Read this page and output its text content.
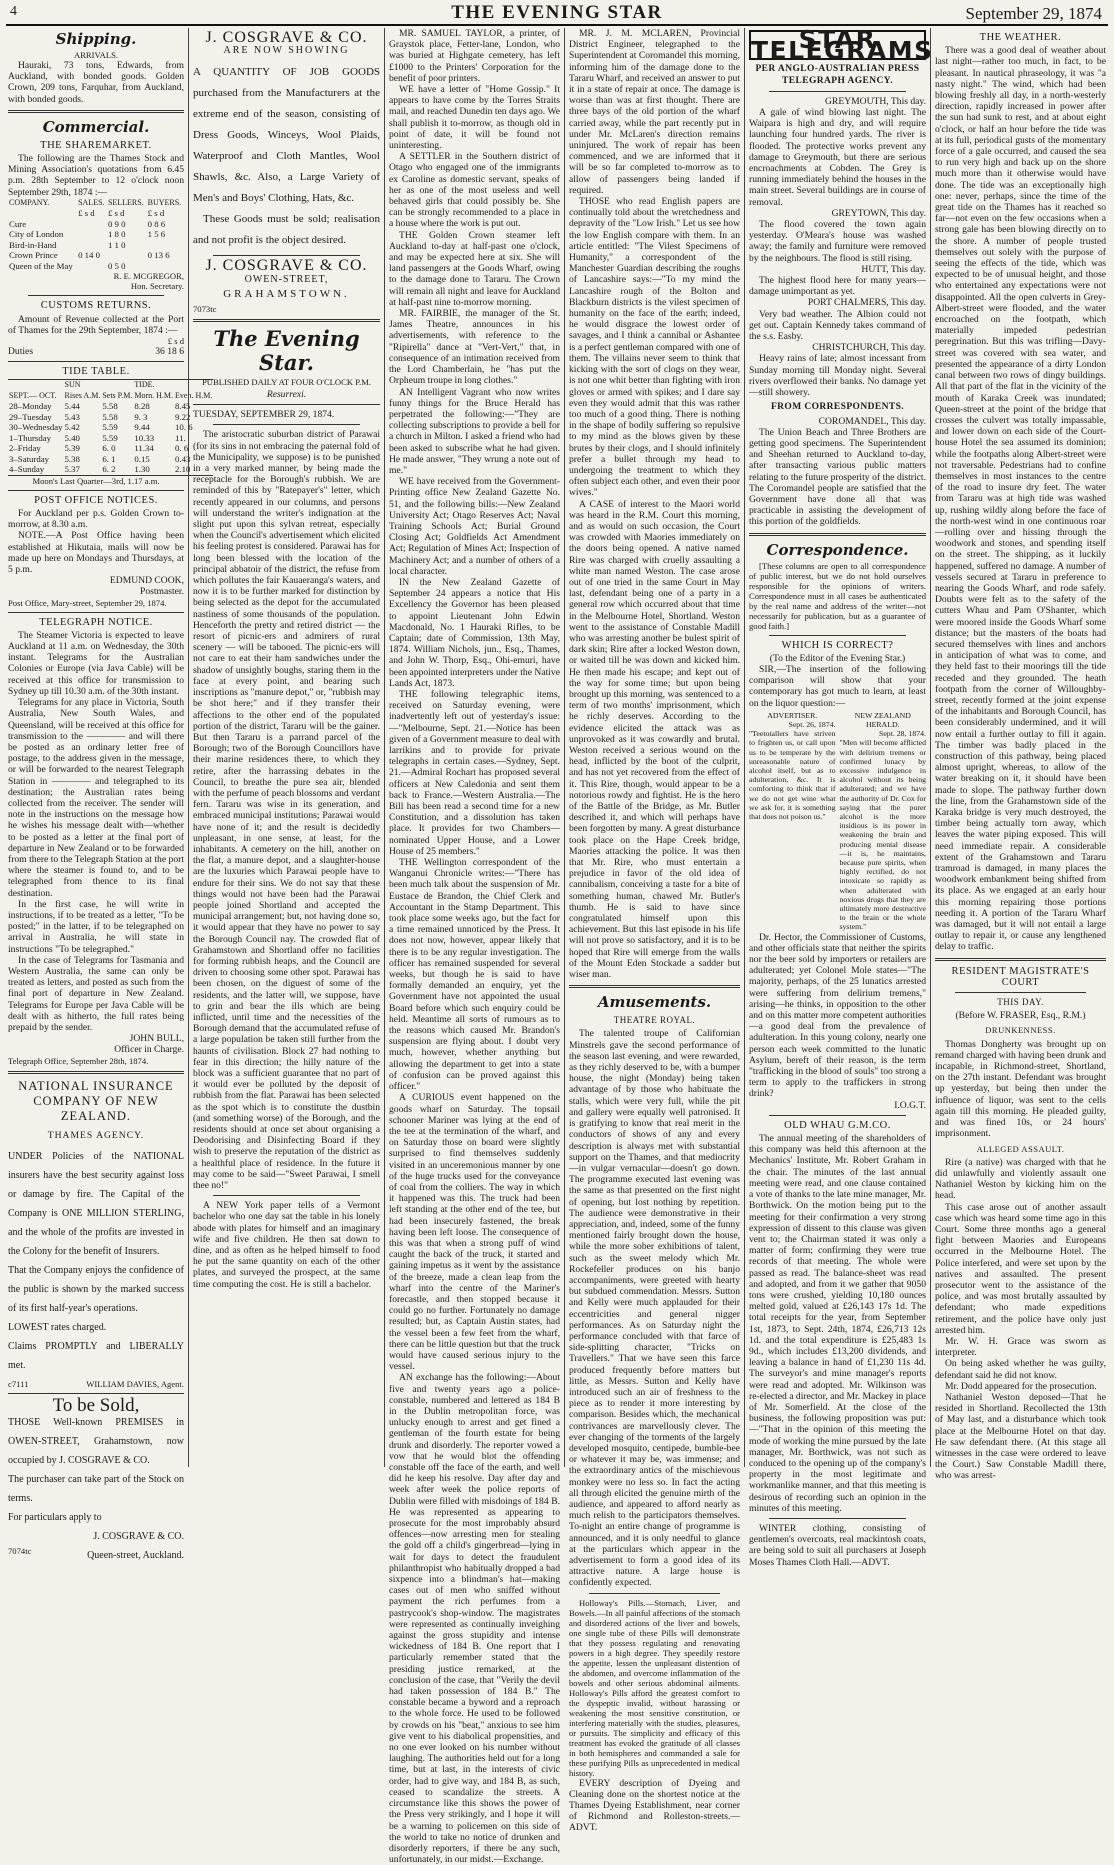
4	THE EVENING STAR	September 29, 1874
Shipping.
ARRIVALS.

Hauraki, 73 tons, Edwards, from Auckland, with bonded goods. Golden Crown, 209 tons, Farquhar, from Auckland, with bonded goods.

Commercial.
THE SHAREMARKET.

The following are the Thames Stock and Mining Association's quotations from 6.45 p.m. 28th September to 12 o'clock noon September 29th, 1874 :—

COMPANY.	SALES.	SELLERS.	BUYERS.
	£ s d	£ s d	£ s d
Cure		0 9 0	0 8 6
City of London		1 8 0	1 5 6
Bird-in-Hand		1 1 0	
Crown Prince	0 14 0		0 13 6
Queen of the May		0 5 0	
R. E. MCGREGOR,
Hon. Secretary.
CUSTOMS RETURNS.

Amount of Revenue collected at the Port of Thames for the 29th September, 1874 :—

£ s d
Duties	36 18 6
TIDE TABLE.
	SUN		TIDE.	
SEPT.— OCT.	Rises A.M.	Sets P.M.	Morn. H.M.	Even. H.M.
28–Monday	5.44	5.58	8.28	8.45
29–Tuesday	5.43	5.58	9. 3	9.22
30–Wednesday	5.42	5.59	9.44	10. 6
1–Thursday	5.40	5.59	10.33	11.
2–Friday	5.39	6. 0	11.34	0. 6
3–Saturday	5.38	6. 1	0.15	0.43
4–Sunday	5.37	6. 2	1.30	2.10
Moon's Last Quarter—3rd, 1.17 a.m.
POST OFFICE NOTICES.

For Auckland per p.s. Golden Crown to-morrow, at 8.30 a.m.

NOTE.—A Post Office having been established at Hikutaia, mails will now be made up here on Mondays and Thursdays, at 5 p.m.

EDMUND COOK,
Postmaster.
Post Office, Mary-street, September 29, 1874.
TELEGRAPH NOTICE.

The Steamer Victoria is expected to leave Auckland at 11 a.m. on Wednesday, the 30th instant. Telegrams for the Australian Colonies or Europe (via Java Cable) will be received at this office for transmission to Sydney up till 10.30 a.m. of the 30th instant.

Telegrams for any place in Victoria, South Australia, New South Wales, and Queensland, will be received at this office for transmission to the ———— and will there be posted as an ordinary letter free of postage, to the address given in the message, or will be forwarded to the nearest Telegraph Station in ———— and telegraphed to its destination; the Australian rates being collected from the receiver. The sender will note in the instructions on the message how he wishes his message dealt with—whether to be posted as a letter at the final port of departure in New Zealand or to be forwarded from there to the Telegraph Station at the port where the steamer is found to, and to be telegraphed from thence to its final destination.

In the first case, he will write in instructions, if to be treated as a letter, "To be posted;" in the latter, if to be telegraphed on arrival in Australia, he will state in instructions "To be telegraphed."

In the case of Telegrams for Tasmania and Western Australia, the same can only be treated as letters, and posted as such from the final port of departure in New Zealand. Telegrams for Europe per Java Cable will be dealt with as hitherto, the full rates being prepaid by the sender.

JOHN BULL,
Officer in Charge.
Telegraph Office, September 28th, 1874.
NATIONAL INSURANCE COMPANY OF NEW ZEALAND.
THAMES AGENCY.

UNDER Policies of the NATIONAL insurers have the best security against loss or damage by fire. The Capital of the Company is ONE MILLION STERLING, and the whole of the profits are invested in the Colony for the benefit of Insurers.

That the Company enjoys the confidence of the public is shown by the marked success of its first half-year's operations.

LOWEST rates charged.

Claims PROMPTLY and LIBERALLY met.

c7111	WILLIAM DAVIES, Agent.
To be Sold,

THOSE Well-known PREMISES in OWEN-STREET, Grahamstown, now occupied by J. COSGRAVE & CO.

The purchaser can take part of the Stock on terms.

For particulars apply to

J. COSGRAVE & CO.
7074tc	Queen-street, Auckland.
J. COSGRAVE & CO.
ARE NOW SHOWING

A QUANTITY OF JOB GOODS purchased from the Manufacturers at the extreme end of the season, consisting of Dress Goods, Winceys, Wool Plaids, Waterproof and Cloth Mantles, Wool Shawls, &c. Also, a Large Variety of Men's and Boys' Clothing, Hats, &c.

These Goods must be sold; realisation and not profit is the object desired.

J. COSGRAVE & CO.
OWEN-STREET,
GRAHAMSTOWN.
7073tc
The Evening Star.
PUBLISHED DAILY AT FOUR O'CLOCK P.M.
Resurrexi.
TUESDAY, SEPTEMBER 29, 1874.

The aristocratic suburban district of Parawai (for its sins in not embracing the paternal fold of the Municipality, we suppose) is to be punished in a very marked manner, by being made the receptacle for the Borough's rubbish. We are reminded of this by "Ratepayer's" letter, which recently appeared in our columns, and persons will understand the writer's indignation at the slight put upon this sylvan retreat, especially when the Council's advertisement which elicited his feeling protest is considered. Parawai has for long been blessed with the location of the principal abbatoir of the district, the refuse from which pollutes the fair Kauaeranga's waters, and now it is to be further marked for distinction by being selected as the depot for the accumulated nastiness of some thousands of the population. Henceforth the pretty and retired district — the resort of picnic-ers and admirers of rural scenery — will be tabooed. The picnic-ers will not care to eat their ham sandwiches under the shadow of unsightly boughs, staring them in the face at every point, and bearing such inscriptions as "manure depot," or, "rubbish may be shot here;" and if they transfer their affections to the other end of the populated portion of the district, Tararu will be the gainer. But then Tararu is a parrand parcel of the Borough; two of the Borough Councillors have their marine residences there, to which they retire, after the harrassing debates in the Council, to breathe the pure sea air, blended with the perfume of peach blossoms and verdant fern. Tararu was wise in its generation, and embraced municipal institutions; Parawai would have none of it; and the result is decidedly unpleasant, in one sense, at least, for the inhabitants. A cemetery on the hill, another on the flat, a manure depot, and a slaughter-house are the luxuries which Parawai people have to endure for their sins. We do not say that these things would not have been had the Parawai people joined Shortland and accepted the municipal arrangement; but, not having done so, it would appear that they have no power to say the Borough Council nay. The crowded flat of Grahamstown and Shortland offer no facilities for forming rubbish heaps, and the Council are driven to choosing some other spot. Parawai has been chosen, on the diguest of some of the residents, and the latter will, we suppose, have to grin and bear the ills which are being inflicted, until time and the necessities of the Borough demand that the accumulated refuse of a large population be taken still further from the haunts of civilisation. Block 27 had nothing to fear in this direction; the hilly nature of the block was a sufficient guarantee that no part of it would ever be polluted by the deposit of rubbish from the flat. Parawai has been selected as the spot which is to constitute the dustbin (and something worse) of the Borough, and the residents should at once set about organising a Deodorising and Disinfecting Board if they wish to preserve the reputation of the district as a healthful place of residence. In the future it may come to be said—"Sweet Parawai, I smell thee no!"

A NEW York paper tells of a Vermont bachelor who one day sat the table in his lonely abode with plates for himself and an imaginary wife and five children. He then sat down to dine, and as often as he helped himself to food he put the same quantity on each of the other plates, and surveyed the prospect, at the same time computing the cost. He is still a bachelor.

MR. SAMUEL TAYLOR, a printer, of Graystok place, Fetter-lane, London, who was buried at Highgate cemetery, has left £1000 to the Printers' Corporation for the benefit of poor printers.

WE have a letter of "Home Gossip." It appears to have come by the Torres Straits mail, and reached Dunedin ten days ago. We shall publish it to-morrow, as though old in point of date, it will be found not uninteresting.

A SETTLER in the Southern district of Otago who engaged one of the immigrants ex Caroline as domestic servant, speaks of her as one of the most useless and well behaved girls that could possibly be. She can be strongly recommended to a place in a house where the work is put out.

THE Golden Crown steamer left Auckland to-day at half-past one o'clock, and may be expected here at six. She will land passengers at the Goods Wharf, owing to the damage done to Tararu. The Crown will remain all night and leave for Auckland at half-past nine to-morrow morning.

MR. FAIRBIE, the manager of the St. James Theatre, announces in his advertisements, with reference to the "Ripirella" dance at "Vert-Vert," that, in consequence of an intimation received from the Lord Chamberlain, he "has put the Orpheum troupe in long clothes."

AN Intelligent Vagrant who now writes funny things for the Bruce Herald has perpetrated the following:—"They are collecting subscriptions to provide a bell for a church in Milton. I asked a friend who had been asked to subscribe what he had given. He made answer, "They wrung a note out of me."

WE have received from the Government-Printing office New Zealand Gazette No. 51, and the following bills:—New Zealand University Act; Otago Reserves Act; Naval Training Schools Act; Burial Ground Closing Act; Goldfields Act Amendment Act; Regulation of Mines Act; Inspection of Machinery Act; and a number of others of a local character.

IN the New Zealand Gazette of September 24 appears a notice that His Excellency the Governor has been pleased to appoint Lieutenant John Edwin Macdonald, No. 1 Hauraki Rifles, to be Captain; date of Commission, 13th May, 1874. William Nichols, jun., Esq., Thames, and John W. Thorp, Esq., Ohi-emuri, have been appointed interpreters under the Native Lands Act, 1873.

THE following telegraphic items, received on Saturday evening, were inadvertently left out of yesterday's issue:—"Melbourne, Sept. 21.—Notice has been given of a Government measure to deal with larrikins and to provide for private telegraphs in certain cases.—Sydney, Sept. 21.—Admiral Rochart has proposed several officers at New Caledonia and sent them back to France.—Western Australia.—The Bill has been read a second time for a new Constitution, and a dissolution has taken place. It provides for two Chambers—nominated Upper House, and a Lower House of 25 members."

THE Wellington correspondent of the Wanganui Chronicle writes:—"There has been much talk about the suspension of Mr. Eustace de Brandon, the Chief Clerk and Accountant in the Stamp Department. This took place some weeks ago, but the fact for a time remained unnoticed by the Press. It does not now, however, appear likely that there is to be any regular investigation. The officer has remained suspended for several weeks, but though he is said to have formally demanded an enquiry, yet the Government have not appointed the usual Board before which such enquiry could be held. Meantime all sorts of rumours as to the reasons which caused Mr. Brandon's suspension are flying about. I doubt very much, however, whether anything but allowing the department to get into a state of confusion can be proved against this officer."

A CURIOUS event happened on the goods wharf on Saturday. The topsail schooner Mariner was lying at the end of the tee at the termination of the wharf, and on Saturday those on board were slightly surprised to find themselves suddenly visited in an unceremonious manner by one of the huge trucks used for the conveyance of coal from the colliers. The way in which it happened was this. The truck had been left standing at the other end of the tee, but had been insecurely fastened, the break having been left loose. The consequence of this was that when a strong puff of wind caught the back of the truck, it started and gaining impetus as it went by the assistance of the breeze, made a clean leap from the wharf into the centre of the Mariner's forecastle, and then stopped because it could go no further. Fortunately no damage resulted; but, as Captain Austin states, had the vessel been a few feet from the wharf, there can be little question but that the truck would have caused serious injury to the vessel.

AN exchange has the following:—About five and twenty years ago a police-constable, numbered and lettered as 184 B in the Dublin metropolitan force, was unlucky enough to arrest and get fined a gentleman of the fourth estate for being drunk and disorderly. The reporter vowed a vow that he would blot the offending constable off the face of the earth, and well did he keep his resolve. Day after day and week after week the police reports of Dublin were filled with misdoings of 184 B. He was represented as appearing to prosecute for the most improbably absurd offences—now arresting men for stealing the gold off a child's gingerbread—lying in wait for days to detect the fraudulent philanthropist who habitually dropped a bad sixpence into a blindman's hat—making cases out of men who sniffed without payment the rich perfumes from a pastrycook's shop-window. The magistrates were represented as continually inveighing against the gross stupidity and intense wickedness of 184 B. One report that I particularly remember stated that the presiding justice remarked, at the conclusion of the case, that "Verily the devil had taken possession of 184 B." The constable became a byword and a reproach to the whole force. He used to be followed by crowds on his "beat," anxious to see him give vent to his diabolical propensities, and no one ever looked on his number without laughing. The authorities held out for a long time, but at last, in the interests of civic order, had to give way, and 184 B, as such, ceased to scandalize the streets. A circumstance like this shows the power of the Press very strikingly, and I hope it will be a warning to policemen on this side of the world to take no notice of drunken and disorderly reporters, if there be any such, unfortunately, in our midst.—Exchange.

MR. J. M. MCLAREN, Provincial District Engineer, telegraphed to the Superintendent at Coromandel this morning, informing him of the damage done to the Tararu Wharf, and received an answer to put it in a state of repair at once. The damage is worse than was at first thought. There are three bays of the old portion of the wharf carried away, while the part recently put in under Mr. McLaren's direction remains uninjured. The work of repair has been commenced, and we are informed that it will be so far completed to-morrow as to allow of passengers being landed if required.

THOSE who read English papers are continually told about the wretchedness and depravity of the "Low Irish." Let us see how the low English compare with them. In an article entitled: "The Vilest Specimens of Humanity," a correspondent of the Manchester Guardian describing the roughs of Lancashire says:—"To my mind the Lancashire rough of the Bolton and Blackburn districts is the vilest specimen of humanity on the face of the earth; indeed, he would disgrace the lowest order of savages, and I think a cannibal or Ashantee is a perfect gentleman compared with one of them. The villains never seem to think that kicking with the sort of clogs on they wear, is not one whit better than fighting with iron gloves or armed with spikes; and I dare say even they would admit that this was rather too much of a good thing. There is nothing in the shape of bodily suffering so repulsive to my mind as the blows given by these brutes by their clogs, and I should infinitely prefer a bullet through my head to undergoing the treatment to which they often subject each other, and even their poor wives."

A CASE of interest to the Maori world was heard in the R.M. Court this morning, and as would on such occasion, the Court was crowded with Maories immediately on the doors being opened. A native named Rire was charged with cruelly assaulting a white man named Weston. The case arose out of one tried in the same Court in May last, defendant being one of a party in a general row which occurred about that time in the Melbourne Hotel, Shortland. Weston went to the assistance of Constable Madill who was arresting another be bulest spirit of dark skin; Rire after a locked Weston down, or waited till he was down and kicked him. He then made his escape; and kept out of the way for some time; but upon being brought up this morning, was sentenced to a term of two months' imprisonment, which he richly deserves. According to the evidence elicited the attack was as unprovoked as it was cowardly and brutal. Weston received a serious wound on the head, inflicted by the boot of the culprit, and has not yet recovered from the effect of it. This Rire, though, would appear to be a notorious rowdy and fightist. He is the hero of the Battle of the Bridge, as Mr. Butler described it, and which will perhaps have been forgotten by many. A great disturbance took place on the Hape Creek bridge, Maories attacking the police. It was then that Mr. Rire, who must entertain a prejudice in favor of the old idea of cannibalism, conceiving a taste for a bite of something human, chawed Mr. Butler's thumb. He is said to have since congratulated himself upon this achievement. But this last episode in his life will not prove so satisfactory, and it is to be hoped that Rire will emerge from the walls of the Mount Eden Stockade a sadder but wiser man.

Amusements.
THEATRE ROYAL.

The talented troupe of Californian Minstrels gave the second performance of the season last evening, and were rewarded, as they richly deserved to be, with a bumper house, the night (Monday) being taken advantage of by those who habituate the stalls, which were very full, while the pit and gallery were equally well patronised. It is gratifying to know that real merit in the conductors of shows of any and every description is always met with substantial support on the Thames, and that mediocrity—in vulgar vernacular—doesn't go down. The programme executed last evening was the same as that presented on the first night of opening, but lost nothing by repetition. The audience were demonstrative in their appreciation, and, indeed, some of the funny mentioned fairly brought down the house, while the more sober exhibitions of talent, such as the sweet melody which Mr. Rockefeller produces on his banjo accompaniments, were greeted with hearty but subdued commendation. Messrs. Sutton and Kelly were much applauded for their eccentricities and general nigger performances. As on Saturday night the performance concluded with that farce of side-splitting character, "Tricks on Travellers." That we have seen this farce produced frequently before matters but little, as Messrs. Sutton and Kelly have introduced such an air of freshness to the piece as to render it more interesting by comparison. Besides which, the mechanical contrivances are marvellously clever. The ever changing of the torments of the largely developed mosquito, centipede, bumble-bee or whatever it may be, was immense; and the extraordinary antics of the mischievous monkey were no less so. In fact the acting all through elicited the genuine mirth of the audience, and appeared to afford nearly as much relish to the participators themselves. To-night an entire change of programme is announced, and it is only needful to glance at the particulars which appear in the advertisement to form a good idea of its attractive nature. A large house is confidently expected.

Holloway's Pills.—Stomach, Liver, and Bowels.—In all painful affections of the stomach and disordered actions of the liver and bowels, one single tube of these Pills will demonstrate that they possess regulating and renovating powers in a high degree. They speedily restore the appetite, lessen the unpleasant distention of the abdomen, and overcome inflammation of the bowels and other serious abdominal ailments. Holloway's Pills afford the greatest comfort to the dyspeptic invalid, without harassing or weakening the most sensitive constitution, or interfering materially with the studies, pleasures, or pursuits. The simplicity and efficacy of this treatment has evoked the gratitude of all classes in both hemispheres and commanded a sale for these purifying Pills as unprecedented in medical history.

EVERY description of Dyeing and Cleaning done on the shortest notice at the Thames Dyeing Establishment, near corner of Richmond and Rolleston-streets.—ADVT.

STAR TELEGRAMS
PER ANGLO-AUSTRALIAN PRESS TELEGRAPH AGENCY.
GREYMOUTH, This day.

A gale of wind blowing last night. The Waipara is high and dry, and will require launching four hundred yards. The river is flooded. The protective works prevent any damage to Greymouth, but there are serious encroachments at Cobden. The Grey is running immediately behind the houses in the main street. Several buildings are in course of removal.

GREYTOWN, This day.

The flood covered the town again yesterday. O'Meara's house was washed away; the family and furniture were removed by the neighbours. The flood is still rising.

HUTT, This day.

The highest flood here for many years—damage unimportant as yet.

PORT CHALMERS, This day.

Very bad weather. The Albion could not get out. Captain Kennedy takes command of the s.s. Easby.

CHRISTCHURCH, This day.

Heavy rains of late; almost incessant from Sunday morning till Monday night. Several rivers overflowed their banks. No damage yet—still showery.

FROM CORRESPONDENTS.
COROMANDEL, This day.

The Union Beach and Three Brothers are getting good specimens. The Superintendent and Sheehan returned to Auckland to-day, after transacting various public matters relating to the future prosperity of the district. The Coromandel people are satisfied that the Government have done all that was practicable in assisting the development of this portion of the goldfields.

Correspondence.

[These columns are open to all correspondence of public interest, but we do not hold ourselves responsible for the opinions of writers. Correspondence must in all cases be authenticated by the real name and address of the writer—not necessarily for publication, but as a guarantee of good faith.]

WHICH IS CORRECT?
(To the Editor of the Evening Star.)

SIR,—The insertion of the following comparison will show that your contemporary has got much to learn, at least on the liquor question:—

ADVERTISER.
Sept. 26, 1874.
"Teetotallers have striven to frighten us, or call upon us to be temperate by the unreasonable nature of alcohol itself, but as to adulteration, &c. It is comforting to think that if we do not get wine what we ask for, it is something that does not poison us."
NEW ZEALAND HERALD.
Sept. 28, 1874.
"Men will become afflicted with delirium tremens or confirmed lunacy by excessive indulgence in alcohol without its being adulterated; and we have the authority of Dr. Cox for saying that the purer alcohol is the more insidious is its power in weakening the brain and producing mental disease—it is, he maintains, because pure spirits, when highly rectified, do not intoxicate so rapidly as when adulterated with noxious drugs that they are ultimately more destructive to the brain or the whole system."

Dr. Hector, the Commissioner of Customs, and other officials state that neither the spirits nor the beer sold by importers or retailers are adulterated; yet Colonel Mole states—"The majority, perhaps, of the 25 lunatics arrested were suffering from delirium tremens," arising—he thinks, in opposition to the other and on this matter more competent authorities—a good deal from the prevalence of adulteration. In this young colony, nearly one person each week committed to the lunatic Asylum, bereft of their reason, is the term "trafficking in the blood of souls" too strong a term to apply to the traffickers in strong drink?

I.O.G.T.
OLD WHAU G.M.CO.

The annual meeting of the shareholders of this company was held this afternoon at the Mechanics' Institute, Mr. Robert Graham in the chair. The minutes of the last annual meeting were read, and one clause contained a vote of thanks to the late mine manager, Mr. Borthwick. On the motion being put to the meeting for their confirmation a very strong expression of dissent to this clause was given vent to; the Chairman stated it was only a matter of form; confirming they were true records of that meeting. The whole were passed as read. The balance-sheet was read and adopted, and from it we gather that 9050 tons were crushed, yielding 10,180 ounces melted gold, valued at £26,143 17s 1d. The total receipts for the year, from September 1st, 1873, to Sept. 24th, 1874, £26,713 12s 1d. and the total expenditure is £25,483 1s 9d., which includes £13,200 dividends, and leaving a balance in hand of £1,230 11s 4d. The surveyor's and mine manager's reports were read and adopted. Mr. Wilkinson was re-elected a director, and Mr. Mackey in place of Mr. Somerfield. At the close of the business, the following proposition was put:—"That in the opinion of this meeting the mode of working the mine pursued by the late manager, Mr. Borthwick, was not such as conduced to the opening up of the company's property in the most legitimate and workmanlike manner, and that this meeting is desirous of recording such an opinion in the minutes of this meeting.

WINTER clothing, consisting of gentlemen's overcoats, real mackintosh coats, are being sold to suit all purchasers at Joseph Moses Thames Cloth Hall.—ADVT.

THE WEATHER.

There was a good deal of weather about last night—rather too much, in fact, to be pleasant. In nautical phraseology, it was "a nasty night." The wind, which had been blowing freshly all day, in a north-westerly direction, rapidly increased in power after the sun had sunk to rest, and at about eight o'clock, or half an hour before the tide was at its full, periodical gusts of the momentary force of a gale occurred, and caused the sea to run very high and back up on the shore much more than it otherwise would have done. The tide was an exceptionally high one: never, perhaps, since the time of the great tide on the Thames has it reached so far—not even on the few occasions when a strong gale has been blowing directly on to the shore. A number of people trusted themselves out solely with the purpose of seeing the effects of the tide, which was expected to be of unusual height, and those who entertained any expectations were not disappointed. All the open culverts in Grey-Albert-street were flooded, and the water encroached on the footpath, which materially impeded pedestrian peregrination. But this was trifling—Davy-street was covered with sea water, and presented the appearance of a dirty London canal between two rows of dingy buildings. All that part of the flat in the vicinity of the mouth of Karaka Creek was inundated; Queen-street at the point of the bridge that crosses the culvert was totally impassable, and lower down on each side of the Court-house Hotel the sea assumed its dominion; while the footpaths along Albert-street were not traversable. Pedestrians had to confine themselves in most instances to the centre of the road to insure dry feet. The water from Tararu was at high tide was washed up, rushing wildly along before the face of the north-west wind in one continuous roar—rolling over and hissing through the woodwork and stones, and spending itself on the street. The shipping, as it luckily happened, suffered no damage. A number of vessels secured at Tararu in preference to nearing the Goods Wharf, and rode safely. Doubts were felt as to the safety of the cutters Whau and Pam O'Shanter, which were moored inside the Goods Wharf some distance; but the masters of the boats had secured themselves with lines and anchors in anticipation of what was to come, and they held fast to their moorings till the tide receded and they grounded. The heath footpath from the corner of Willoughby-street, recently formed at the joint expense of the inhabitants and Borough Council, has been considerably undermined, and it will now entail a further outlay to fill it again. The timber was badly placed in the construction of this pathway, being placed almost upright, whereas, to allow of the water breaking on it, it should have been made to slope. The pathway further down the line, from the Grahamstown side of the Karaka bridge is very much destroyed, the timber being actually torn away, which leaves the water piping exposed. This will need immediate repair. A considerable extent of the Grahamstown and Tararu tramroad is damaged, in many places the woodwork embankment being shifted from its place. As we engaged at an early hour this morning repairing those portions needing it. A portion of the Tararu Wharf was damaged, but it will not entail a large outlay to repair it, or cause any lengthened delay to traffic.

RESIDENT MAGISTRATE'S COURT
THIS DAY.
(Before W. FRASER, Esq., R.M.)
DRUNKENNESS.

Thomas Dongherty was brought up on remand charged with having been drunk and incapable, in Richmond-street, Shortland, on the 27th instant. Defendant was brought up yesterday, but being then under the influence of liquor, was sent to the cells again till this morning. He pleaded guilty, and was fined 10s, or 24 hours' imprisonment.

ALLEGED ASSAULT.

Rire (a native) was charged with that he did unlawfully and violently assault one Nathaniel Weston by kicking him on the head.

This case arose out of another assault case which was heard some time ago in this Court. Some three months ago a general fight between Maories and Europeans occurred in the Melbourne Hotel. The Police interfered, and were set upon by the natives and assaulted. The present prosecutor went to the assistance of the police, and was most brutally assaulted by defendant; who made expeditions retirement, and the police have only just arrested him.

Mr. W. H. Grace was sworn as interpreter.

On being asked whether he was guilty, defendant said he did not know.

Mr. Dodd appeared for the prosecution.

Nathaniel Weston deposed—That he resided in Shortland. Recollected the 13th of May last, and a disturbance which took place at the Melbourne Hotel on that day. He saw defendant there. (At this stage all witnesses in the case were ordered to leave the Court.) Saw Constable Madill there, who was arrest-
